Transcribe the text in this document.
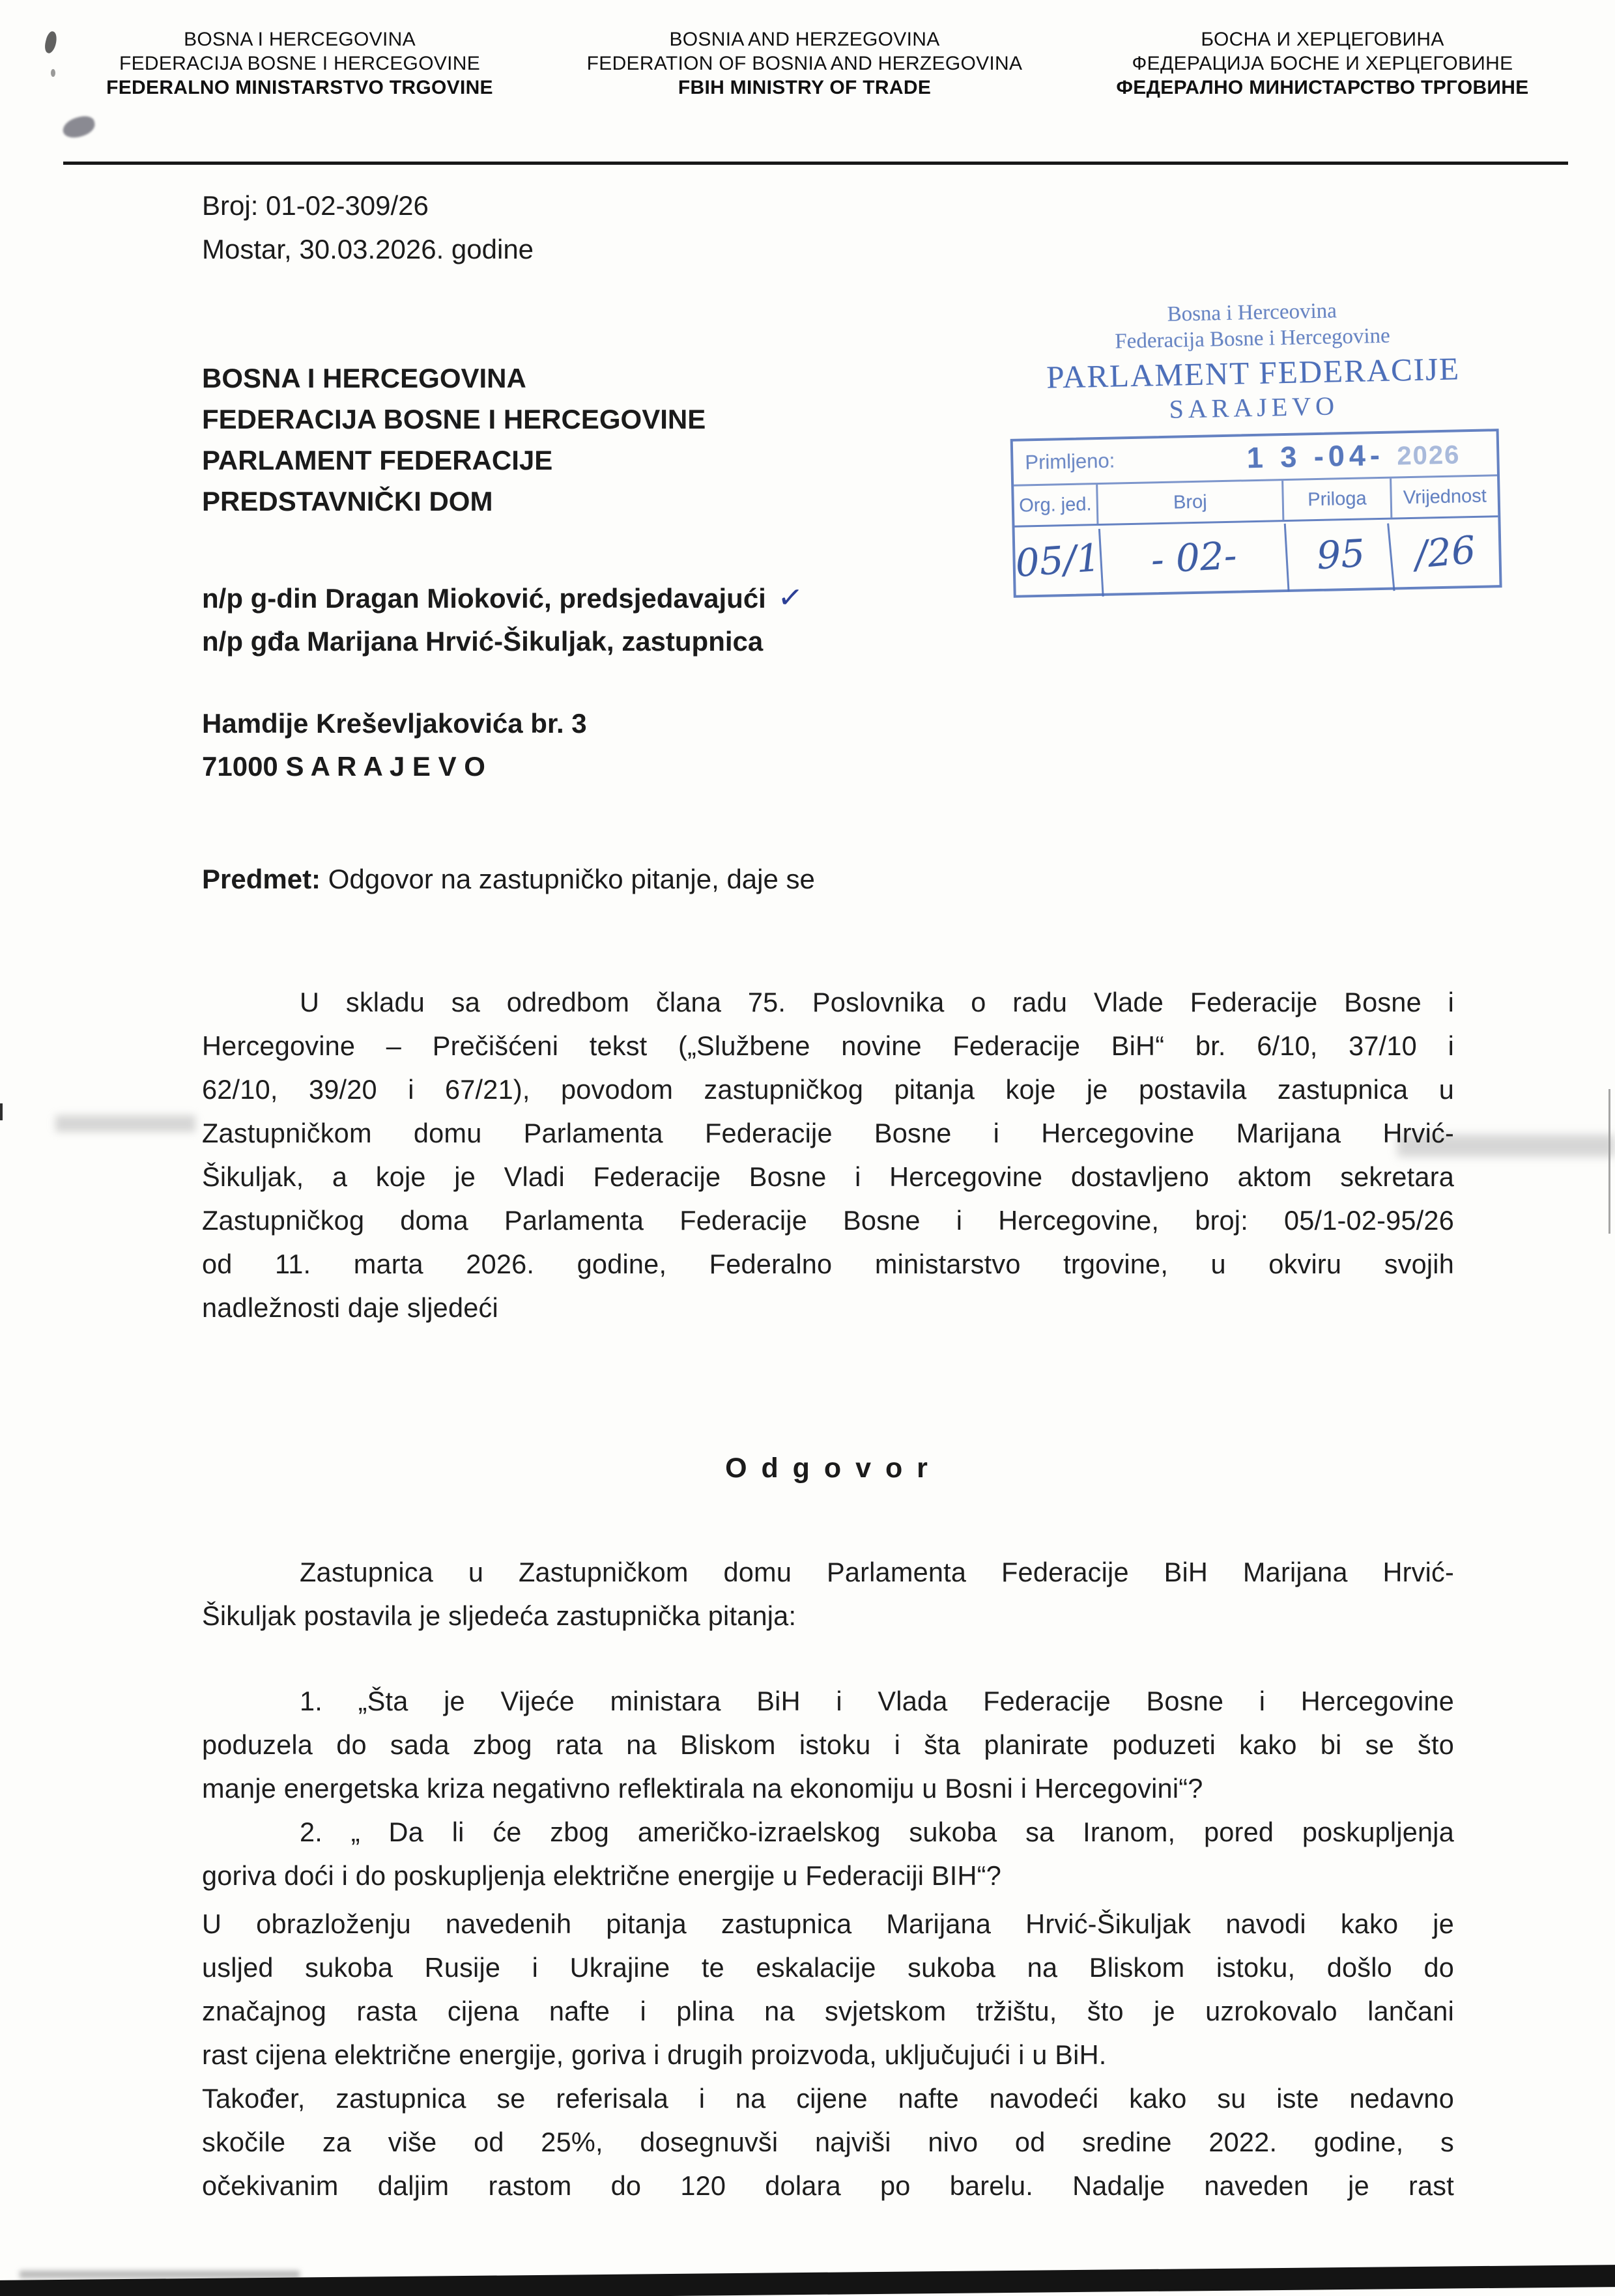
BOSNA I HERCEGOVINA
FEDERACIJA BOSNE I HERCEGOVINE
FEDERALNO MINISTARSTVO TRGOVINE
BOSNIA AND HERZEGOVINA
FEDERATION OF BOSNIA AND HERZEGOVINA
FBIH MINISTRY OF TRADE
БОСНА И ХЕРЦЕГОВИНА
ФЕДЕРАЦИЈА БОСНЕ И ХЕРЦЕГОВИНЕ
ФЕДЕРАЛНО МИНИСТАРСТВО ТРГОВИНЕ
Broj: 01-02-309/26
Mostar, 30.03.2026. godine
BOSNA I HERCEGOVINA
FEDERACIJA BOSNE I HERCEGOVINE
PARLAMENT FEDERACIJE
PREDSTAVNIČKI DOM
Bosna i Herceovina
Federacija Bosne i Hercegovine
PARLAMENT FEDERACIJE
SARAJEVO
Primljeno:	1 3 -04- 2026
Org. jed.	Broj	Priloga	Vrijednost
05/1	- 02-	95	/26
n/p g-din Dragan Mioković, predsjedavajući ✓
n/p gđa Marijana Hrvić-Šikuljak, zastupnica
Hamdije Kreševljakovića br. 3
71000 S A R A J E V O
Predmet: Odgovor na zastupničko pitanje, daje se
U skladu sa odredbom člana 75. Poslovnika o radu Vlade Federacije Bosne i
Hercegovine – Prečišćeni tekst („Službene novine Federacije BiH“ br. 6/10, 37/10 i
62/10, 39/20 i 67/21), povodom zastupničkog pitanja koje je postavila zastupnica u
Zastupničkom domu Parlamenta Federacije Bosne i Hercegovine Marijana Hrvić-
Šikuljak, a koje je Vladi Federacije Bosne i Hercegovine dostavljeno aktom sekretara
Zastupničkog doma Parlamenta Federacije Bosne i Hercegovine, broj: 05/1-02-95/26
od 11. marta 2026. godine, Federalno ministarstvo trgovine, u okviru svojih
nadležnosti daje sljedeći
O d g o v o r
Zastupnica u Zastupničkom domu Parlamenta Federacije BiH Marijana Hrvić-
Šikuljak postavila je sljedeća zastupnička pitanja:
1. „Šta je Vijeće ministara BiH i Vlada Federacije Bosne i Hercegovine
poduzela do sada zbog rata na Bliskom istoku i šta planirate poduzeti kako bi se što
manje energetska kriza negativno reflektirala na ekonomiju u Bosni i Hercegovini“?
2. „ Da li će zbog američko-izraelskog sukoba sa Iranom, pored poskupljenja
goriva doći i do poskupljenja električne energije u Federaciji BIH“?
U obrazloženju navedenih pitanja zastupnica Marijana Hrvić-Šikuljak navodi kako je
usljed sukoba Rusije i Ukrajine te eskalacije sukoba na Bliskom istoku, došlo do
značajnog rasta cijena nafte i plina na svjetskom tržištu, što je uzrokovalo lančani
rast cijena električne energije, goriva i drugih proizvoda, uključujući i u BiH.
Također, zastupnica se referisala i na cijene nafte navodeći kako su iste nedavno
skočile za više od 25%, dosegnuvši najviši nivo od sredine 2022. godine, s
očekivanim daljim rastom do 120 dolara po barelu. Nadalje naveden je rast
